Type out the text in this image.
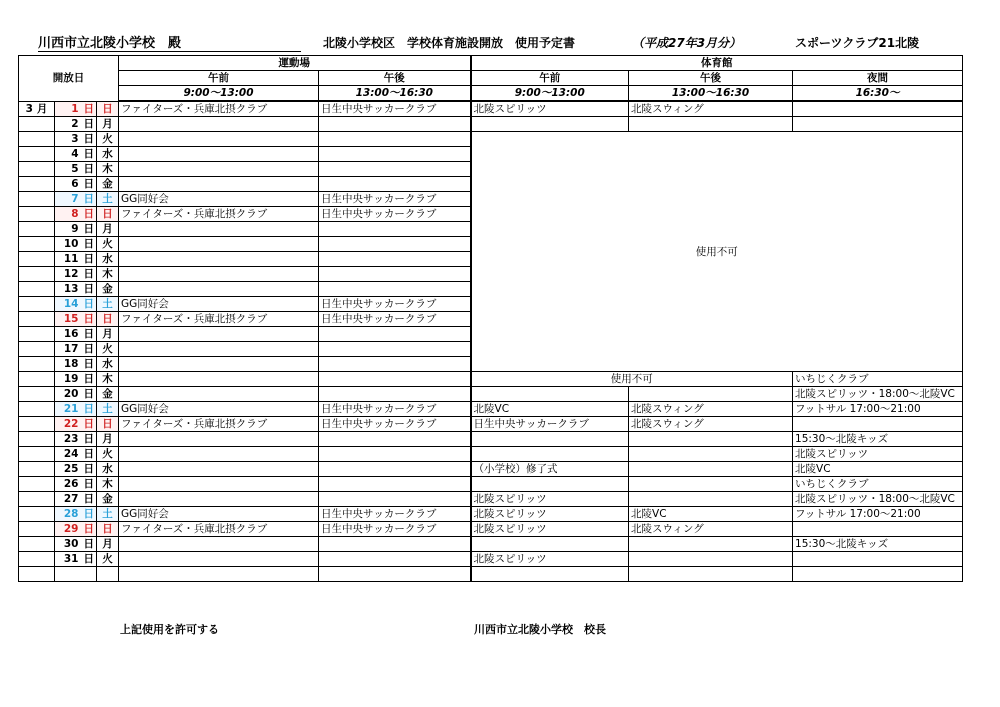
川西市立北陵小学校　殿	北陵小学校区　学校体育施設開放　使用予定書	（平成27年3月分）	スポーツクラブ21北陵
開放日			運動場		体育館		
			午前	午後	午前	午後	夜間
			9:00～13:00	13:00～16:30	9:00～13:00	13:00～16:30	16:30～
3 月	1 日	日	ファイターズ・兵庫北摂クラブ	日生中央サッカークラブ	北陵スピリッツ	北陵スウィング	
	2 日	月					
	3 日	火			使用不可		
	4 日	水					
	5 日	木					
	6 日	金					
	7 日	土	GG同好会	日生中央サッカークラブ			
	8 日	日	ファイターズ・兵庫北摂クラブ	日生中央サッカークラブ			
	9 日	月					
	10 日	火					
	11 日	水					
	12 日	木					
	13 日	金					
	14 日	土	GG同好会	日生中央サッカークラブ			
	15 日	日	ファイターズ・兵庫北摂クラブ	日生中央サッカークラブ			
	16 日	月					
	17 日	火					
	18 日	水					
	19 日	木			使用不可		いちじくクラブ
	20 日	金					北陵スピリッツ・18:00～北陵VC
	21 日	土	GG同好会	日生中央サッカークラブ	北陵VC	北陵スウィング	フットサル 17:00～21:00
	22 日	日	ファイターズ・兵庫北摂クラブ	日生中央サッカークラブ	日生中央サッカークラブ	北陵スウィング	
	23 日	月					15:30～北陵キッズ
	24 日	火					北陵スピリッツ
	25 日	水			（小学校）修了式		北陵VC
	26 日	木					いちじくクラブ
	27 日	金			北陵スピリッツ		北陵スピリッツ・18:00～北陵VC
	28 日	土	GG同好会	日生中央サッカークラブ	北陵スピリッツ	北陵VC	フットサル 17:00～21:00
	29 日	日	ファイターズ・兵庫北摂クラブ	日生中央サッカークラブ	北陵スピリッツ	北陵スウィング	
	30 日	月					15:30～北陵キッズ
	31 日	火			北陵スピリッツ		

上記使用を許可する	川西市立北陵小学校　校長
